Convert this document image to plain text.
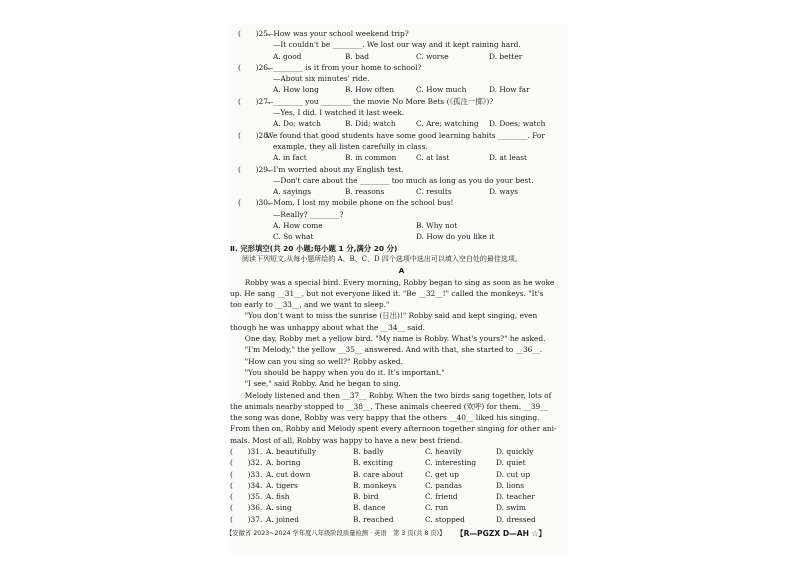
(　　)25.
—How was your school weekend trip?
—It couldn't be ________. We lost our way and it kept raining hard.
A. good	B. bad	C. worse	D. better
(　　)26.
—________ is it from your home to school?
—About six minutes' ride.
A. How long	B. How often	C. How much	D. How far
(　　)27.
—________ you ________ the movie No More Bets (《孤注一掷》)?
—Yes, I did. I watched it last week.
A. Do; watch	B. Did; watch	C. Are; watching D. Does; watch
(　　)28.
We found that good students have some good learning habits ________. For
example, they all listen carefully in class.
A. in fact	B. in common	C. at last	D. at least
(　　)29.
—I'm worried about my English test.
—Don't care about the ________ too much as long as you do your best.
A. sayings	B. reasons	C. results	D. ways
(　　)30.
—Mom, I lost my mobile phone on the school bus!
—Really? ________?
A. How come	B. Why not
C. So what	D. How do you like it
Ⅱ. 完形填空(共 20 小题;每小题 1 分,满分 20 分)
阅读下列短文,从每小题所给的 A、B、C、D 四个选项中选出可以填入空白处的最佳选项。
A
　　Robby was a special bird. Every morning, Robby began to sing as soon as he woke
up. He sang __31__, but not everyone liked it. "Be __32__!" called the monkeys. "It's
too early to __33__, and we want to sleep."
　　"You don't want to miss the sunrise (日出)!" Robby said and kept singing, even
though he was unhappy about what the __34__ said.
　　One day, Robby met a yellow bird. "My name is Robby. What's yours?" he asked.
　　"I'm Melody," the yellow __35__ answered. And with that, she started to __36__.
　　"How can you sing so well?" Robby asked.
　　"You should be happy when you do it. It's important."
　　"I see," said Robby. And he began to sing.
　　Melody listened and then __37__ Robby. When the two birds sang together, lots of
the animals nearby stopped to __38__. These animals cheered (欢呼) for them. __39__
the song was done, Robby was very happy that the others __40__ liked his singing.
From then on, Robby and Melody spent every afternoon together singing for other ani-
mals. Most of all, Robby was happy to have a new best friend.
(　　)31. A. beautifully	B. badly	C. heavily	D. quickly
(　　)32. A. boring	B. exciting	C. interesting	D. quiet
(　　)33. A. cut down	B. care about	C. get up	D. cut up
(　　)34. A. tigers	B. monkeys	C. pandas	D. lions
(　　)35. A. fish	B. bird	C. friend	D. teacher
(　　)36. A. sing	B. dance	C. run	D. swim
(　　)37. A. joined	B. reached	C. stopped	D. dressed
【安徽省 2023~2024 学年度八年级阶段质量检测 · 英语　第 3 页(共 8 页)】 【R—PGZX D—AH ☆】
